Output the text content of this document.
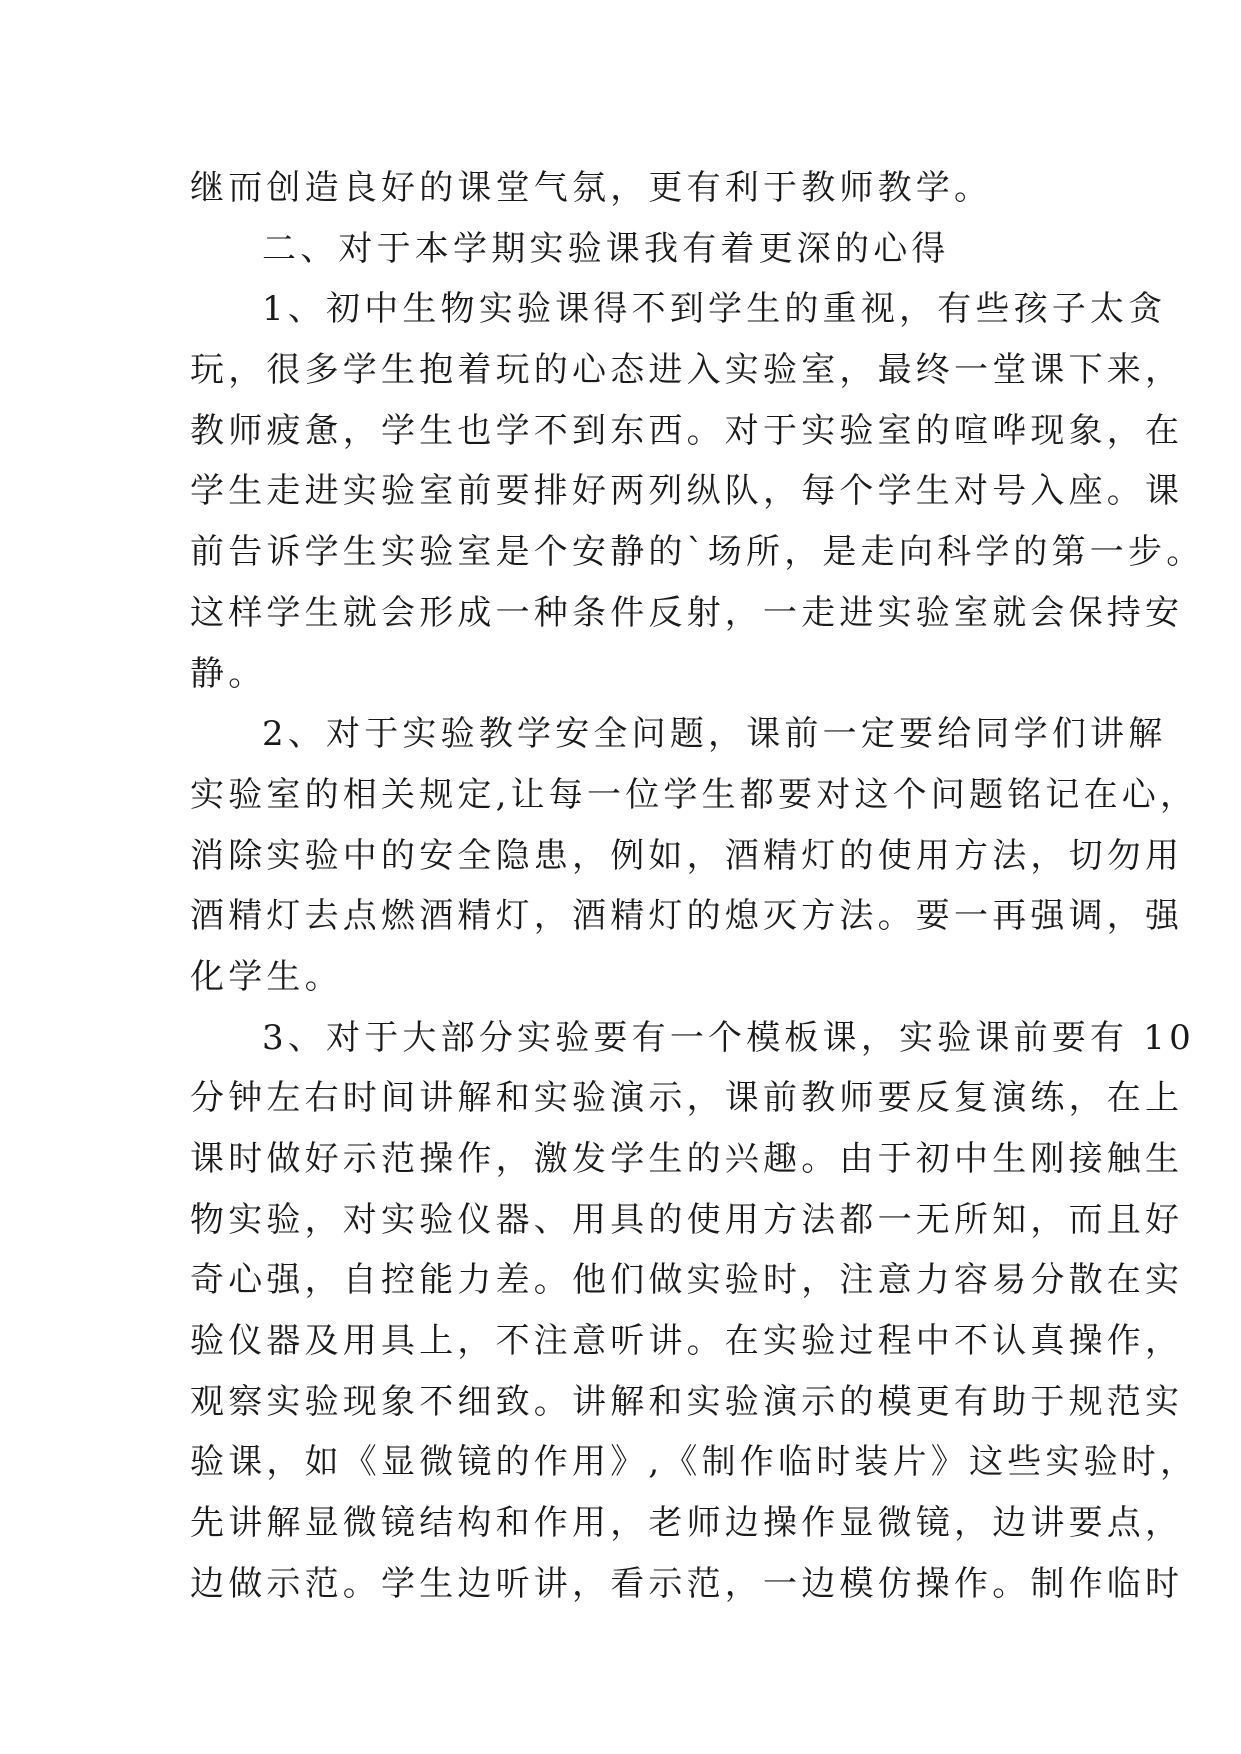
继而创造良好的课堂气氛，更有利于教师教学。
二、对于本学期实验课我有着更深的心得
1、初中生物实验课得不到学生的重视，有些孩子太贪
玩，很多学生抱着玩的心态进入实验室，最终一堂课下来，
教师疲惫，学生也学不到东西。对于实验室的喧哗现象，在
学生走进实验室前要排好两列纵队，每个学生对号入座。课
前告诉学生实验室是个安静的`场所，是走向科学的第一步。
这样学生就会形成一种条件反射，一走进实验室就会保持安
静。
2、对于实验教学安全问题，课前一定要给同学们讲解
实验室的相关规定,让每一位学生都要对这个问题铭记在心，
消除实验中的安全隐患，例如，酒精灯的使用方法，切勿用
酒精灯去点燃酒精灯，酒精灯的熄灭方法。要一再强调，强
化学生。
3、对于大部分实验要有一个模板课，实验课前要有 10
分钟左右时间讲解和实验演示，课前教师要反复演练，在上
课时做好示范操作，激发学生的兴趣。由于初中生刚接触生
物实验，对实验仪器、用具的使用方法都一无所知，而且好
奇心强，自控能力差。他们做实验时，注意力容易分散在实
验仪器及用具上，不注意听讲。在实验过程中不认真操作，
观察实验现象不细致。讲解和实验演示的模更有助于规范实
验课，如《显微镜的作用》,《制作临时装片》这些实验时，
先讲解显微镜结构和作用，老师边操作显微镜，边讲要点，
边做示范。学生边听讲，看示范，一边模仿操作。制作临时
